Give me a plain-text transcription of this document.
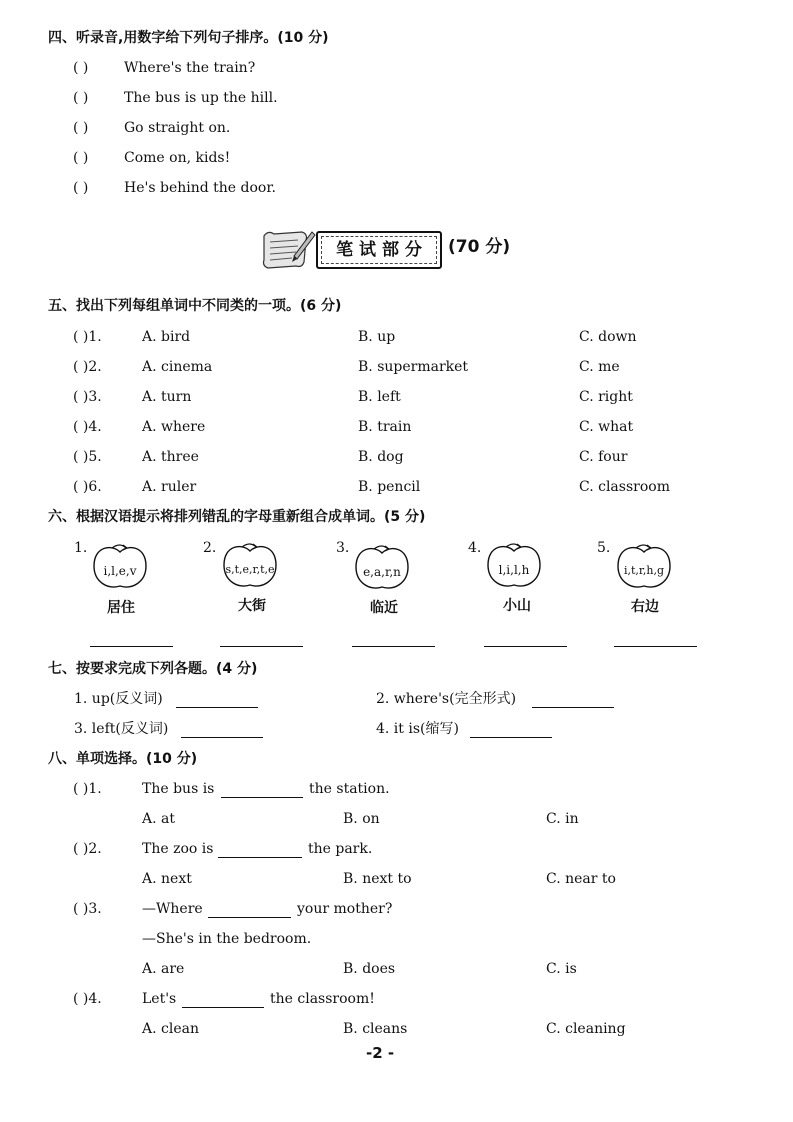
四、听录音,用数字给下列句子排序。(10 分)
( )	Where's the train?
( )	The bus is up the hill.
( )	Go straight on.
( )	Come on, kids!
( )	He's behind the door.
笔 试 部 分	(70 分)
五、找出下列每组单词中不同类的一项。(6 分)
( )1.	A. bird	B. up	C. down
( )2.	A. cinema	B. supermarket	C. me
( )3.	A. turn	B. left	C. right
( )4.	A. where	B. train	C. what
( )5.	A. three	B. dog	C. four
( )6.	A. ruler	B. pencil	C. classroom
六、根据汉语提示将排列错乱的字母重新组合成单词。(5 分)
1.
i,l,e,v
居住
2.
s,t,e,r,t,e
大街
3.
e,a,r,n
临近
4.
l,i,l,h
小山
5.
i,t,r,h,g
右边
七、按要求完成下列各题。(4 分)
1. up(反义词)	2. where's(完全形式)
3. left(反义词)	4. it is(缩写)
八、单项选择。(10 分)
( )1.	The bus is	the station.
A. at	B. on	C. in
( )2.	The zoo is	the park.
A. next	B. next to	C. near to
( )3.	—Where	your mother?
—She's in the bedroom.
A. are	B. does	C. is
( )4.	Let's	the classroom!
A. clean	B. cleans	C. cleaning
-2 -
